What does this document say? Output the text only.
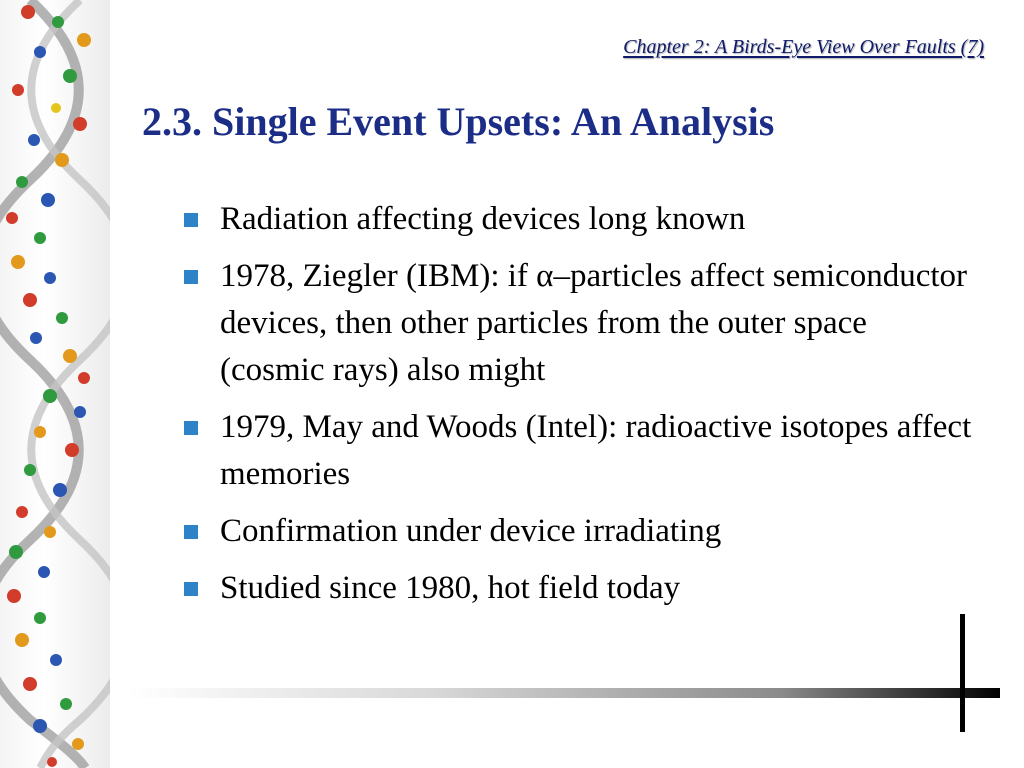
Chapter 2: A Birds-Eye View Over Faults (7)
2.3. Single Event Upsets: An Analysis
Radiation affecting devices long known
1978, Ziegler (IBM): if α–particles affect semiconductor devices, then other particles from the outer space (cosmic rays) also might
1979, May and Woods (Intel): radioactive isotopes affect memories
Confirmation under device irradiating
Studied since 1980, hot field today
